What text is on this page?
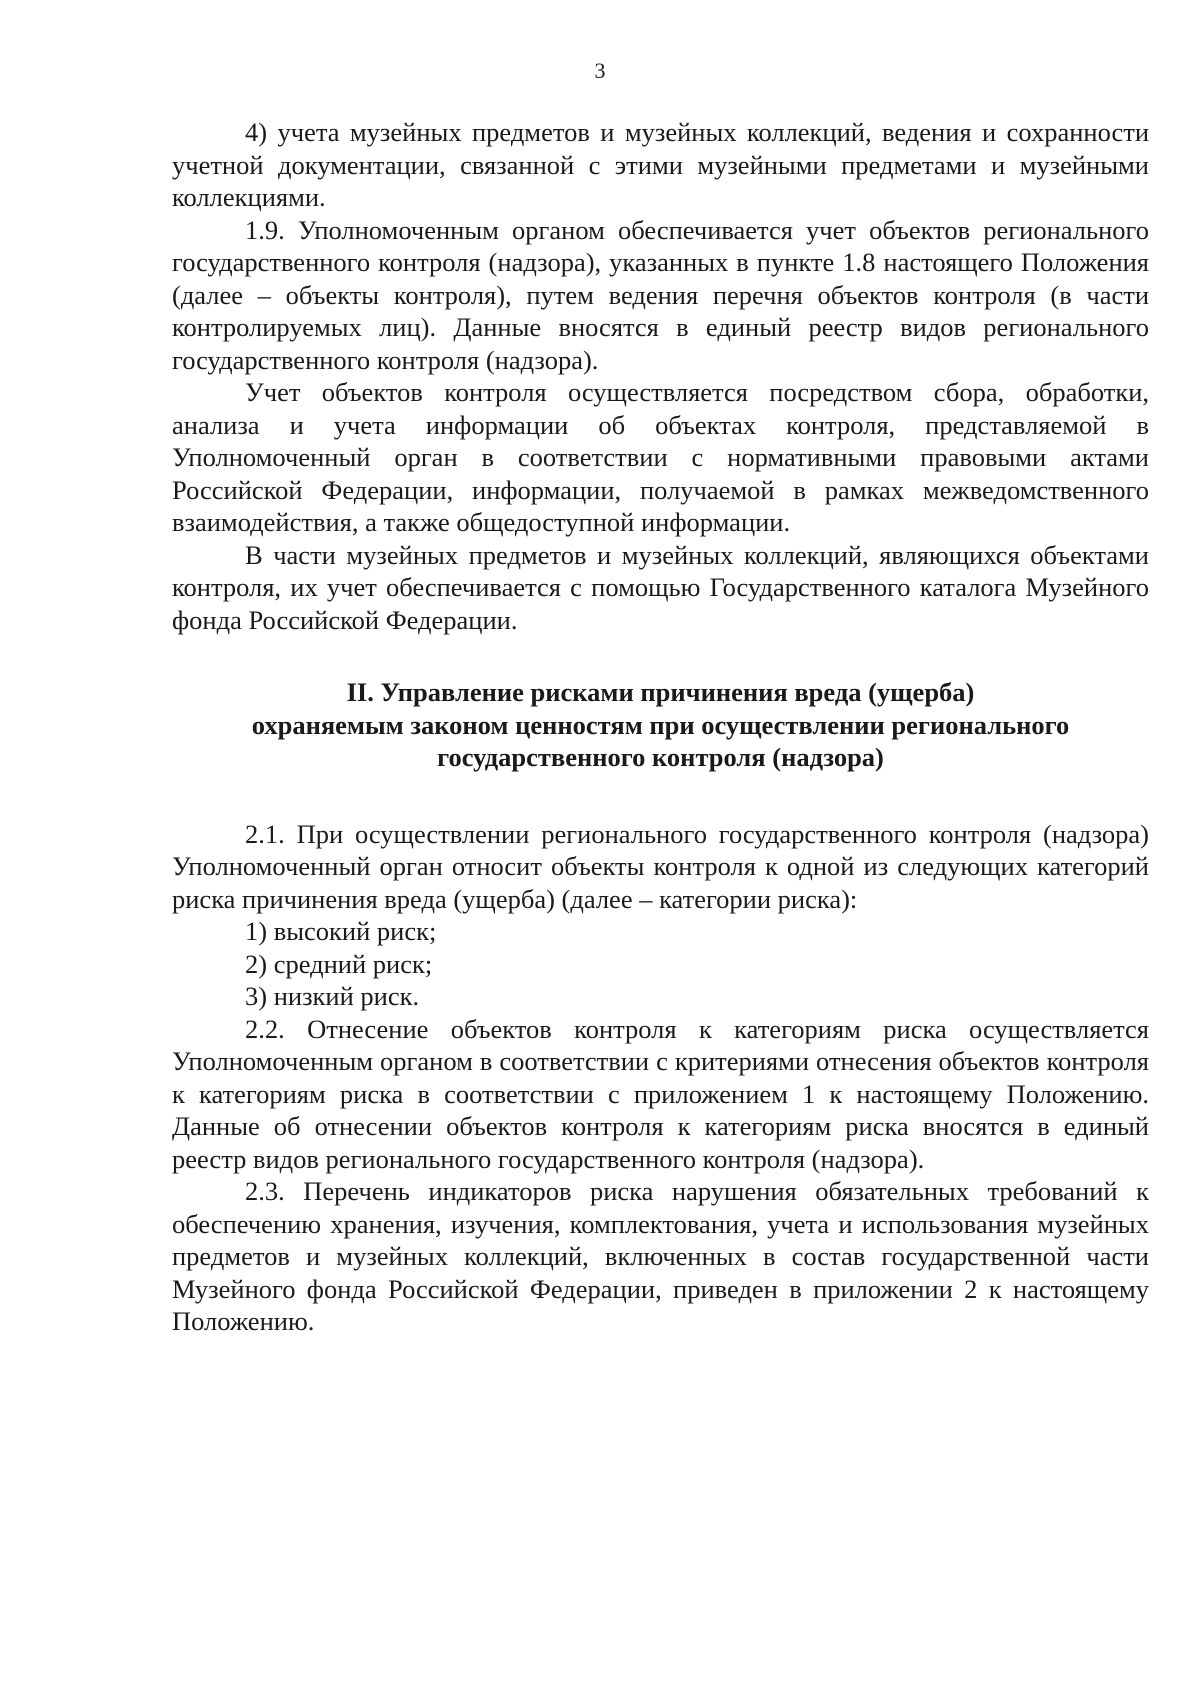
3

4) учета музейных предметов и музейных коллекций, ведения и сохранности учетной документации, связанной с этими музейными предметами и музейными коллекциями.

1.9. Уполномоченным органом обеспечивается учет объектов регионального государственного контроля (надзора), указанных в пункте 1.8 настоящего Положения (далее – объекты контроля), путем ведения перечня объектов контроля (в части контролируемых лиц). Данные вносятся в единый реестр видов регионального государственного контроля (надзора).

Учет объектов контроля осуществляется посредством сбора, обработки, анализа и учета информации об объектах контроля, представляемой в Уполномоченный орган в соответствии с нормативными правовыми актами Российской Федерации, информации, получаемой в рамках межведомственного взаимодействия, а также общедоступной информации.

В части музейных предметов и музейных коллекций, являющихся объектами контроля, их учет обеспечивается с помощью Государственного каталога Музейного фонда Российской Федерации.

II. Управление рисками причинения вреда (ущерба)
охраняемым законом ценностям при осуществлении регионального
государственного контроля (надзора)

2.1. При осуществлении регионального государственного контроля (надзора) Уполномоченный орган относит объекты контроля к одной из следующих категорий риска причинения вреда (ущерба) (далее – категории риска):

1) высокий риск;

2) средний риск;

3) низкий риск.

2.2. Отнесение объектов контроля к категориям риска осуществляется Уполномоченным органом в соответствии с критериями отнесения объектов контроля к категориям риска в соответствии с приложением 1 к настоящему Положению. Данные об отнесении объектов контроля к категориям риска вносятся в единый реестр видов регионального государственного контроля (надзора).

2.3. Перечень индикаторов риска нарушения обязательных требований к обеспечению хранения, изучения, комплектования, учета и использования музейных предметов и музейных коллекций, включенных в состав государственной части Музейного фонда Российской Федерации, приведен в приложении 2 к настоящему Положению.
